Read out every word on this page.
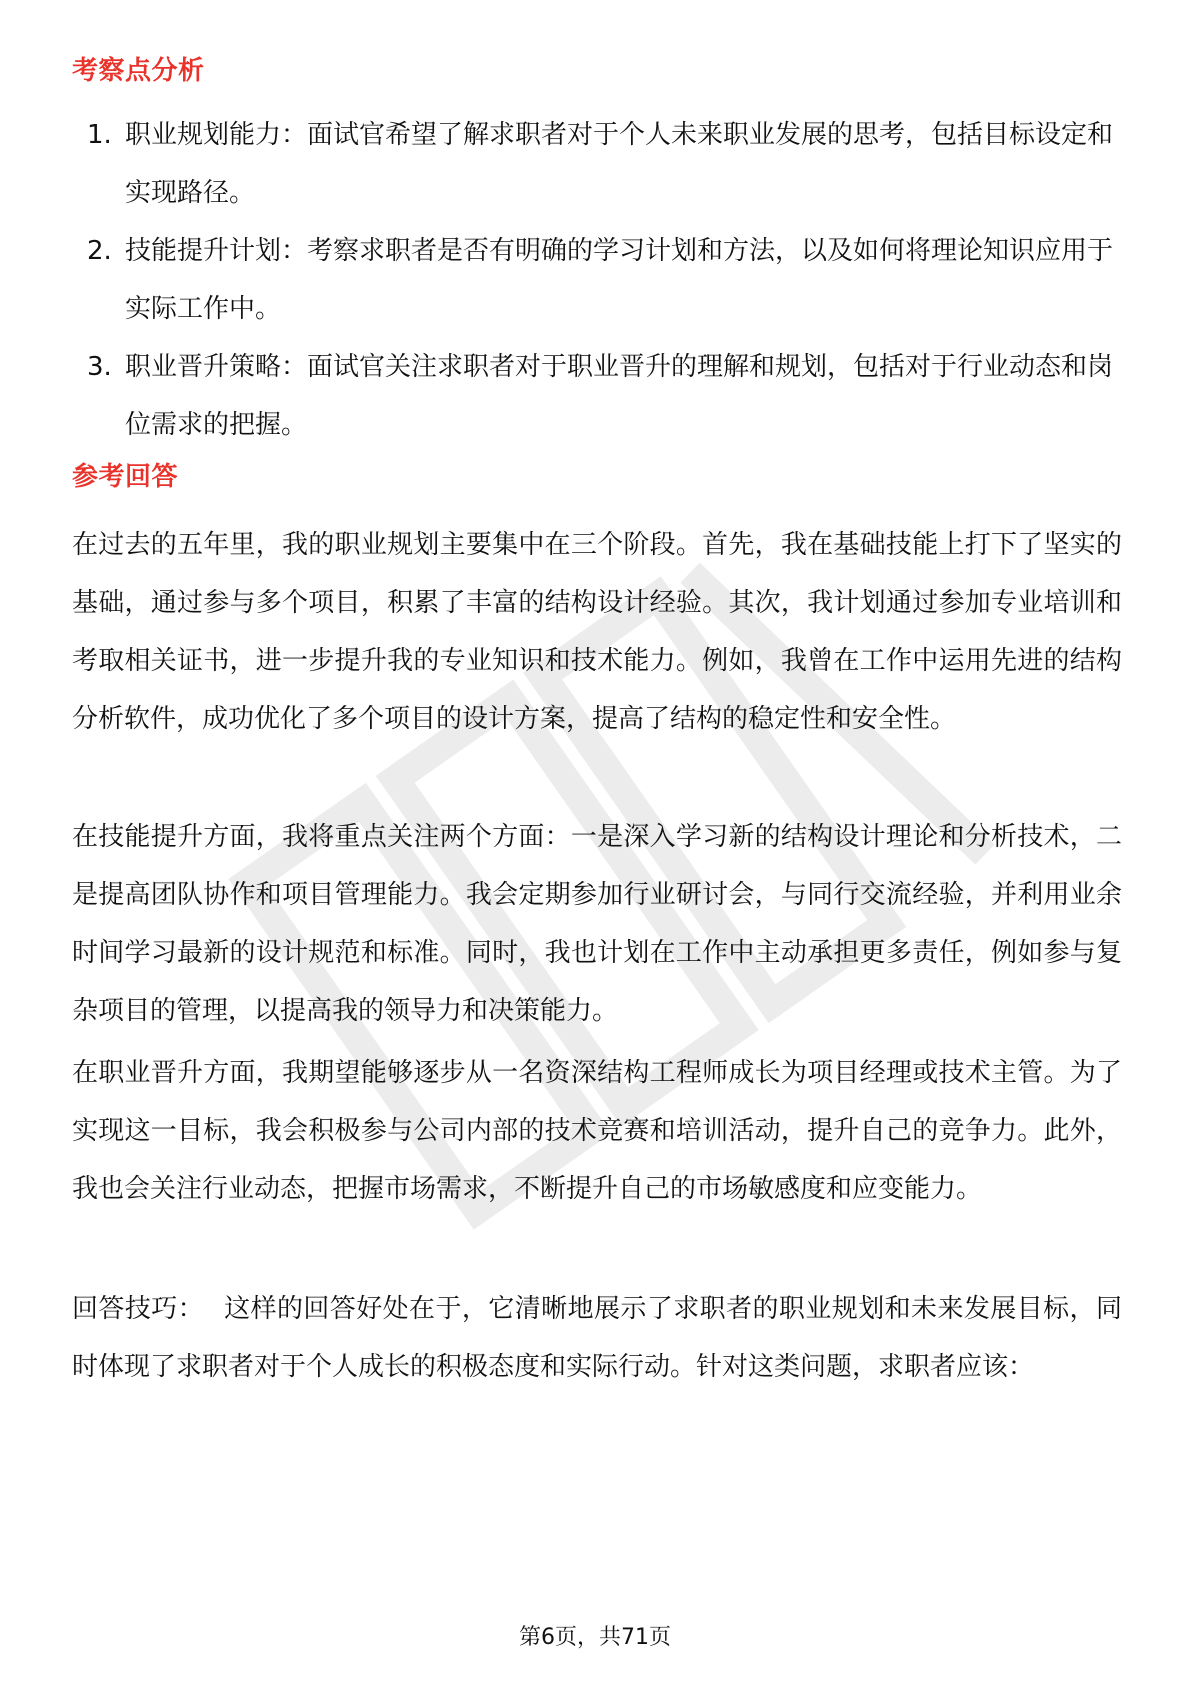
考察点分析
1. 职业规划能力：面试官希望了解求职者对于个人未来职业发展的思考，包括目标设定和实现路径。
2. 技能提升计划：考察求职者是否有明确的学习计划和方法，以及如何将理论知识应用于实际工作中。
3. 职业晋升策略：面试官关注求职者对于职业晋升的理解和规划，包括对于行业动态和岗位需求的把握。
参考回答

在过去的五年里，我的职业规划主要集中在三个阶段。首先，我在基础技能上打下了坚实的基础，通过参与多个项目，积累了丰富的结构设计经验。其次，我计划通过参加专业培训和考取相关证书，进一步提升我的专业知识和技术能力。例如，我曾在工作中运用先进的结构分析软件，成功优化了多个项目的设计方案，提高了结构的稳定性和安全性。

在技能提升方面，我将重点关注两个方面：一是深入学习新的结构设计理论和分析技术，二是提高团队协作和项目管理能力。我会定期参加行业研讨会，与同行交流经验，并利用业余时间学习最新的设计规范和标准。同时，我也计划在工作中主动承担更多责任，例如参与复杂项目的管理，以提高我的领导力和决策能力。

在职业晋升方面，我期望能够逐步从一名资深结构工程师成长为项目经理或技术主管。为了实现这一目标，我会积极参与公司内部的技术竞赛和培训活动，提升自己的竞争力。此外，我也会关注行业动态，把握市场需求，不断提升自己的市场敏感度和应变能力。

回答技巧： 这样的回答好处在于，它清晰地展示了求职者的职业规划和未来发展目标，同时体现了求职者对于个人成长的积极态度和实际行动。针对这类问题，求职者应该：

第6页，共71页
